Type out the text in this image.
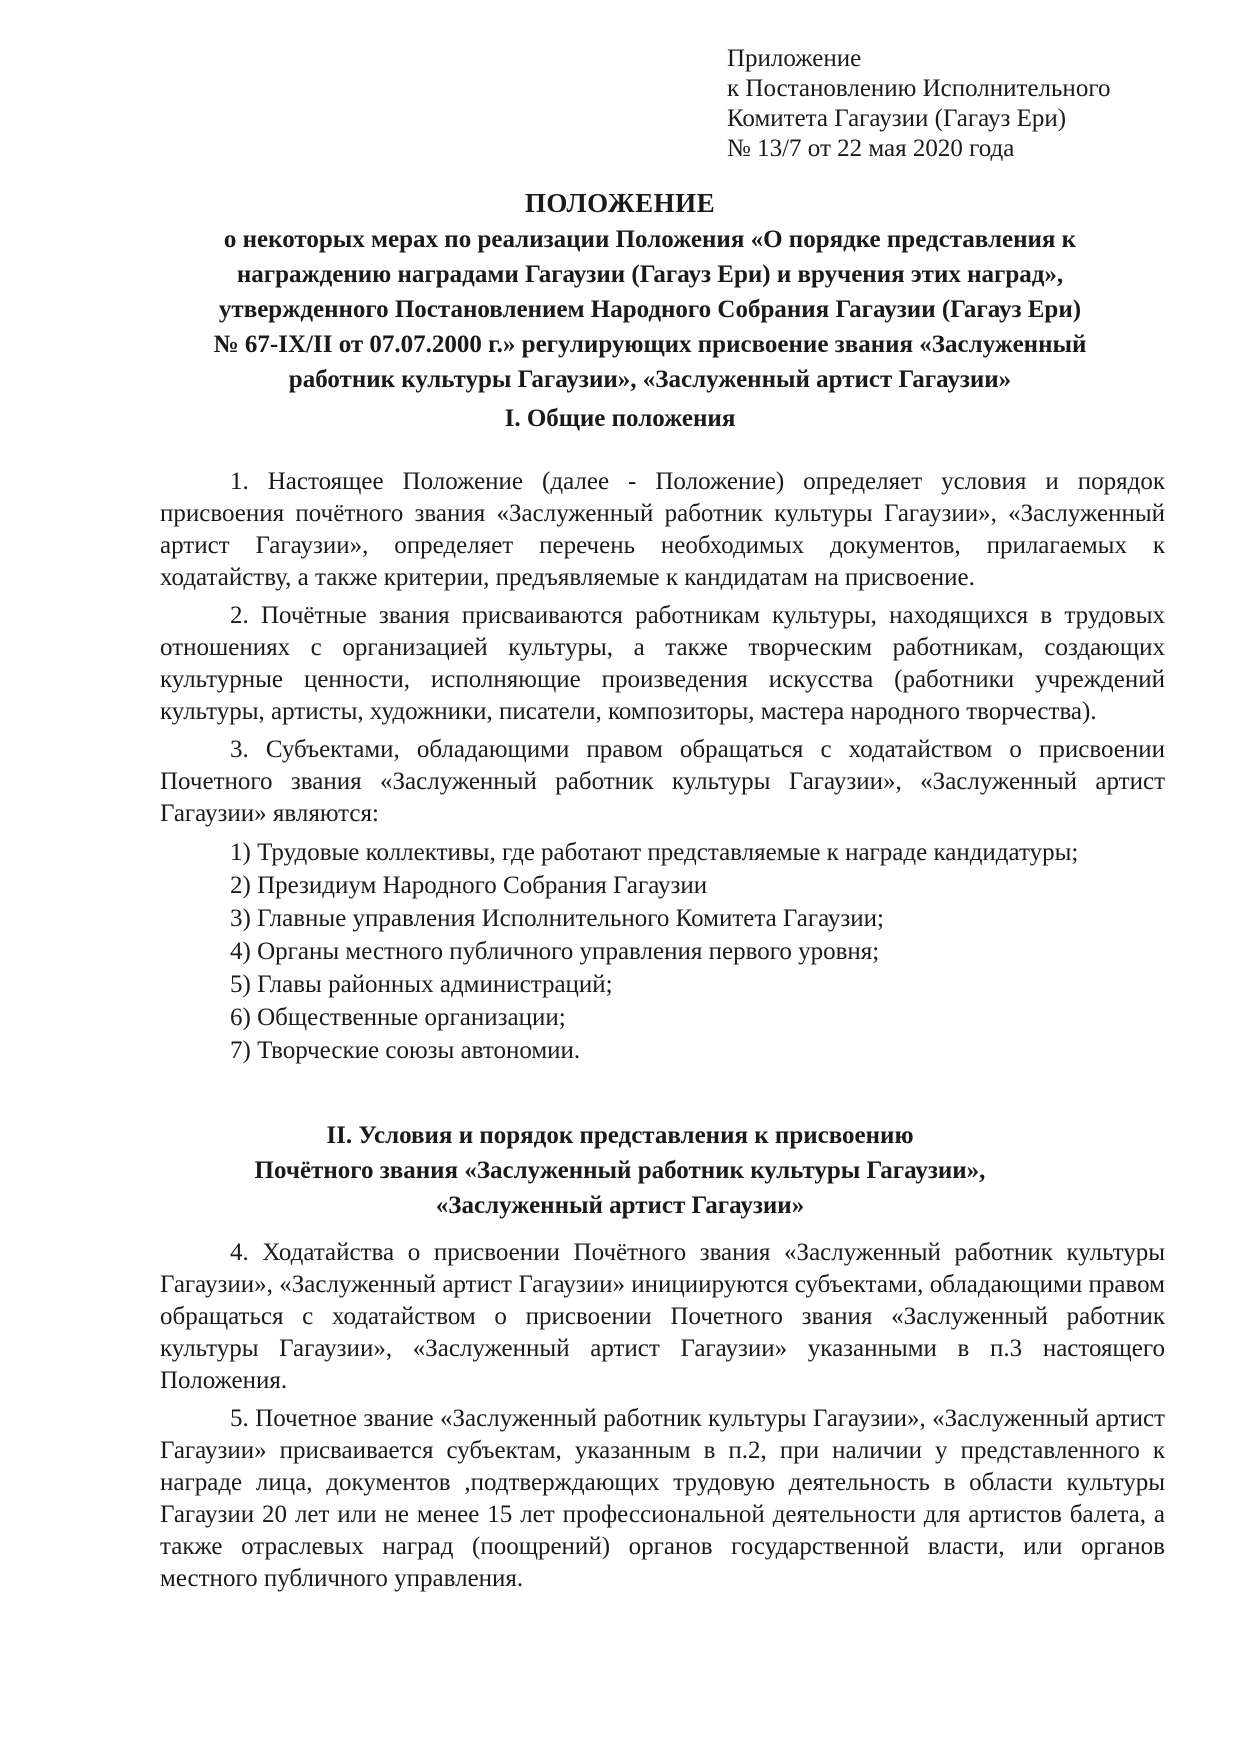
Приложение
к Постановлению Исполнительного
Комитета Гагаузии (Гагауз Ери)
№ 13/7 от 22 мая 2020 года
ПОЛОЖЕНИЕ
о некоторых мерах по реализации Положения «О порядке представления к
награждению наградами Гагаузии (Гагауз Ери) и вручения этих наград»,
утвержденного Постановлением Народного Собрания Гагаузии (Гагауз Ери)
№ 67-IX/II от 07.07.2000 г.» регулирующих присвоение звания «Заслуженный
работник культуры Гагаузии», «Заслуженный артист Гагаузии»
I. Общие положения

1. Настоящее Положение (далее - Положение) определяет условия и порядок присвоения почётного звания «Заслуженный работник культуры Гагаузии», «Заслуженный артист Гагаузии», определяет перечень необходимых документов, прилагаемых к ходатайству, а также критерии, предъявляемые к кандидатам на присвоение.

2. Почётные звания присваиваются работникам культуры, находящихся в трудовых отношениях с организацией культуры, а также творческим работникам, создающих культурные ценности, исполняющие произведения искусства (работники учреждений культуры, артисты, художники, писатели, композиторы, мастера народного творчества).

3. Субъектами, обладающими правом обращаться с ходатайством о присвоении Почетного звания «Заслуженный работник культуры Гагаузии», «Заслуженный артист Гагаузии» являются:

1) Трудовые коллективы, где работают представляемые к награде кандидатуры;
2) Президиум Народного Собрания Гагаузии
3) Главные управления Исполнительного Комитета Гагаузии;
4) Органы местного публичного управления первого уровня;
5) Главы районных администраций;
6) Общественные организации;
7) Творческие союзы автономии.
II. Условия и порядок представления к присвоению
Почётного звания «Заслуженный работник культуры Гагаузии»,
«Заслуженный артист Гагаузии»

4. Ходатайства о присвоении Почётного звания «Заслуженный работник культуры Гагаузии», «Заслуженный артист Гагаузии» инициируются субъектами, обладающими правом обращаться с ходатайством о присвоении Почетного звания «Заслуженный работник культуры Гагаузии», «Заслуженный артист Гагаузии» указанными в п.3 настоящего Положения.

5. Почетное звание «Заслуженный работник культуры Гагаузии», «Заслуженный артист Гагаузии» присваивается субъектам, указанным в п.2, при наличии у представленного к награде лица, документов ,подтверждающих трудовую деятельность в области культуры Гагаузии 20 лет или не менее 15 лет профессиональной деятельности для артистов балета, а также отраслевых наград (поощрений) органов государственной власти, или органов местного публичного управления.
